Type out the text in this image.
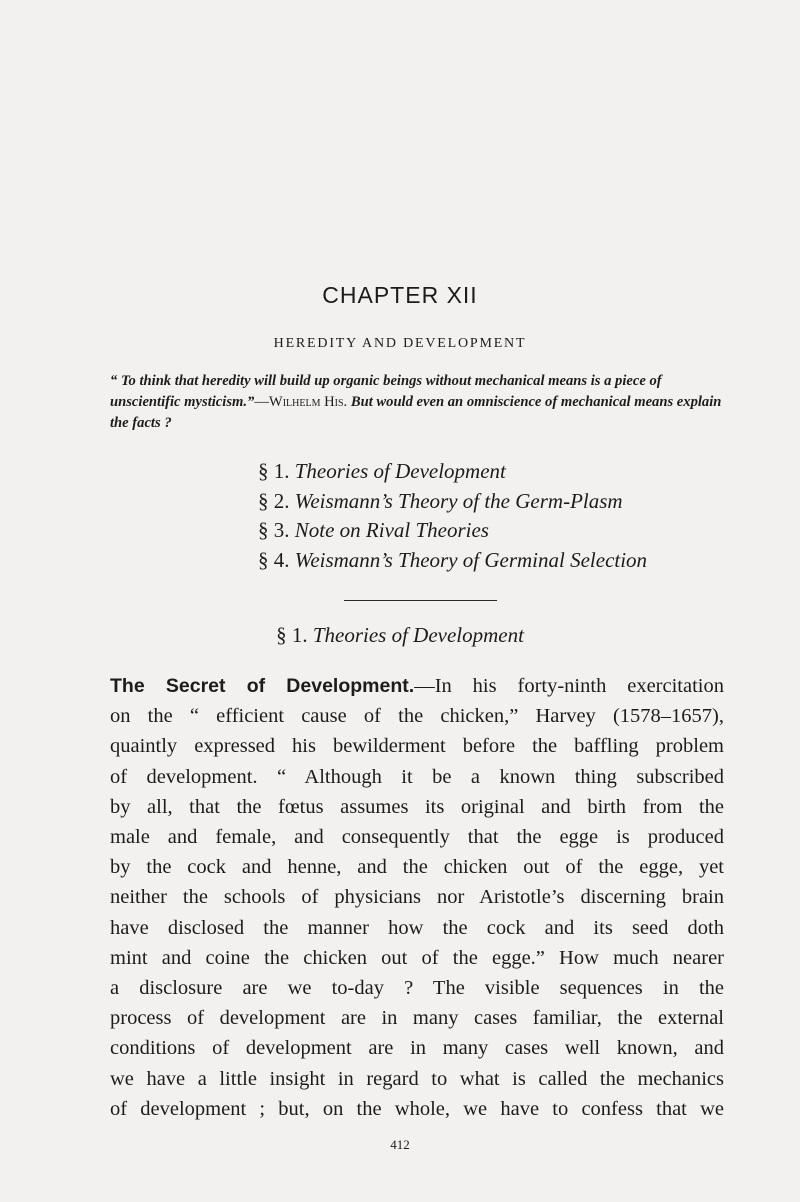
CHAPTER XII
HEREDITY AND DEVELOPMENT
“ To think that heredity will build up organic beings without mechanical means is a piece of unscientific mysticism.”—Wilhelm His. But would even an omniscience of mechanical means explain the facts ?
§ 1. Theories of Development
§ 2. Weismann’s Theory of the Germ-Plasm
§ 3. Note on Rival Theories
§ 4. Weismann’s Theory of Germinal Selection
§ 1. Theories of Development
The Secret of Development.—In his forty-ninth exercitation
on the “ efficient cause of the chicken,” Harvey (1578–1657),
quaintly expressed his bewilderment before the baffling problem
of development. “ Although it be a known thing subscribed
by all, that the fœtus assumes its original and birth from the
male and female, and consequently that the egge is produced
by the cock and henne, and the chicken out of the egge, yet
neither the schools of physicians nor Aristotle’s discerning brain
have disclosed the manner how the cock and its seed doth
mint and coine the chicken out of the egge.” How much nearer
a disclosure are we to-day ? The visible sequences in the
process of development are in many cases familiar, the external
conditions of development are in many cases well known, and
we have a little insight in regard to what is called the mechanics
of development ; but, on the whole, we have to confess that we
412
